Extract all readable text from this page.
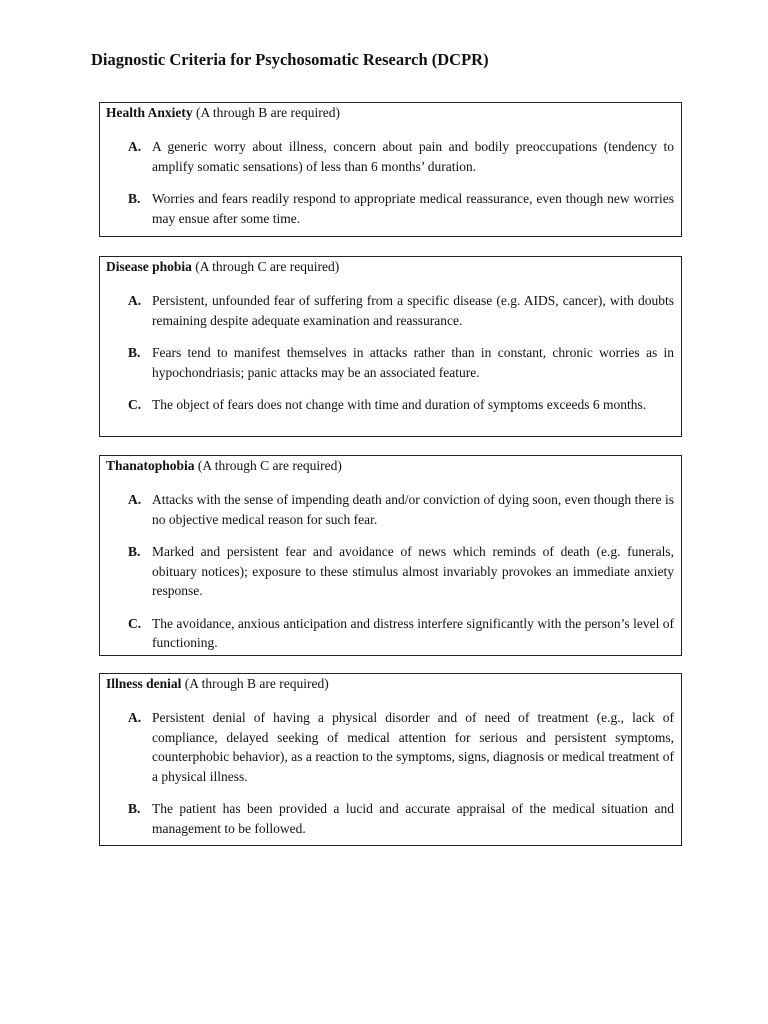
Diagnostic Criteria for Psychosomatic Research (DCPR)

Health Anxiety (A through B are required)

A. A generic worry about illness, concern about pain and bodily preoccupations (tendency to amplify somatic sensations) of less than 6 months’ duration.
B. Worries and fears readily respond to appropriate medical reassurance, even though new worries may ensue after some time.

Disease phobia (A through C are required)

A. Persistent, unfounded fear of suffering from a specific disease (e.g. AIDS, cancer), with doubts remaining despite adequate examination and reassurance.
B. Fears tend to manifest themselves in attacks rather than in constant, chronic worries as in hypochondriasis; panic attacks may be an associated feature.
C. The object of fears does not change with time and duration of symptoms exceeds 6 months.

Thanatophobia (A through C are required)

A. Attacks with the sense of impending death and/or conviction of dying soon, even though there is no objective medical reason for such fear.
B. Marked and persistent fear and avoidance of news which reminds of death (e.g. funerals, obituary notices); exposure to these stimulus almost invariably provokes an immediate anxiety response.
C. The avoidance, anxious anticipation and distress interfere significantly with the person’s level of functioning.

Illness denial (A through B are required)

A. Persistent denial of having a physical disorder and of need of treatment (e.g., lack of compliance, delayed seeking of medical attention for serious and persistent symptoms, counterphobic behavior), as a reaction to the symptoms, signs, diagnosis or medical treatment of a physical illness.
B. The patient has been provided a lucid and accurate appraisal of the medical situation and management to be followed.
